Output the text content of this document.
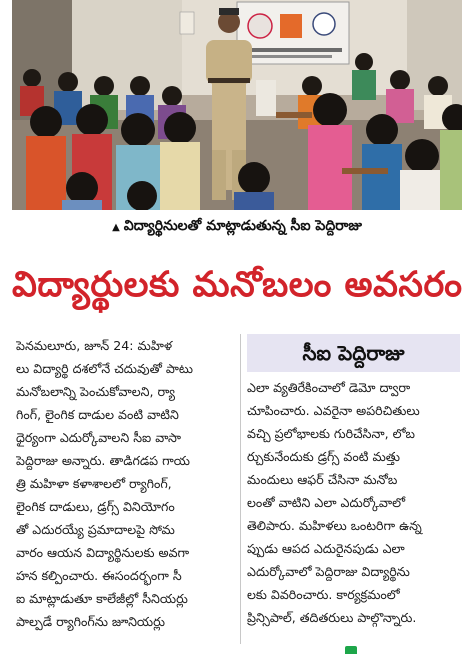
▲ విద్యార్థినులతో మాట్లాడుతున్న సీఐ పెద్దిరాజు
విద్యార్థులకు మనోబలం అవసరం

పెనమలూరు, జూన్ 24: మహిళ

లు విద్యార్థి దశలోనే చదువుతో పాటు

మనోబలాన్ని పెంచుకోవాలని, ర్యా

గింగ్, లైంగిక దాడుల వంటి వాటిని

ధైర్యంగా ఎదుర్కోవాలని సీఐ వాసా

పెద్దిరాజు అన్నారు. తాడిగడప గాయ

త్రి మహిళా కళాశాలలో ర్యాగింగ్,

లైంగిక దాడులు, డ్రగ్స్ వినియోగం

తో ఎదురయ్యే ప్రమాదాలపై సోమ

వారం ఆయన విద్యార్థినులకు అవగా

హన కల్పించారు. ఈసందర్భంగా సీ

ఐ మాట్లాడుతూ కాలేజీల్లో సీనియర్లు

పాల్పడే ర్యాగింగ్‌ను జూనియర్లు

సీఐ పెద్దిరాజు

ఎలా వ్యతిరేకించాలో డెమో ద్వారా

చూపించారు. ఎవరైనా అపరిచితులు

వచ్చి ప్రలోభాలకు గురిచేసినా, లోబ

ర్చుకునేందుకు డ్రగ్స్ వంటి మత్తు

మందులు ఆఫర్ చేసినా మనోబ

లంతో వాటిని ఎలా ఎదుర్కోవాలో

తెలిపారు. మహిళలు ఒంటరిగా ఉన్న

ప్పుడు ఆపద ఎదురైనపుడు ఎలా

ఎదుర్కోవాలో పెద్దిరాజు విద్యార్థిను

లకు వివరించారు. కార్యక్రమంలో

ప్రిన్సిపాల్, తదితరులు పాల్గొన్నారు.
